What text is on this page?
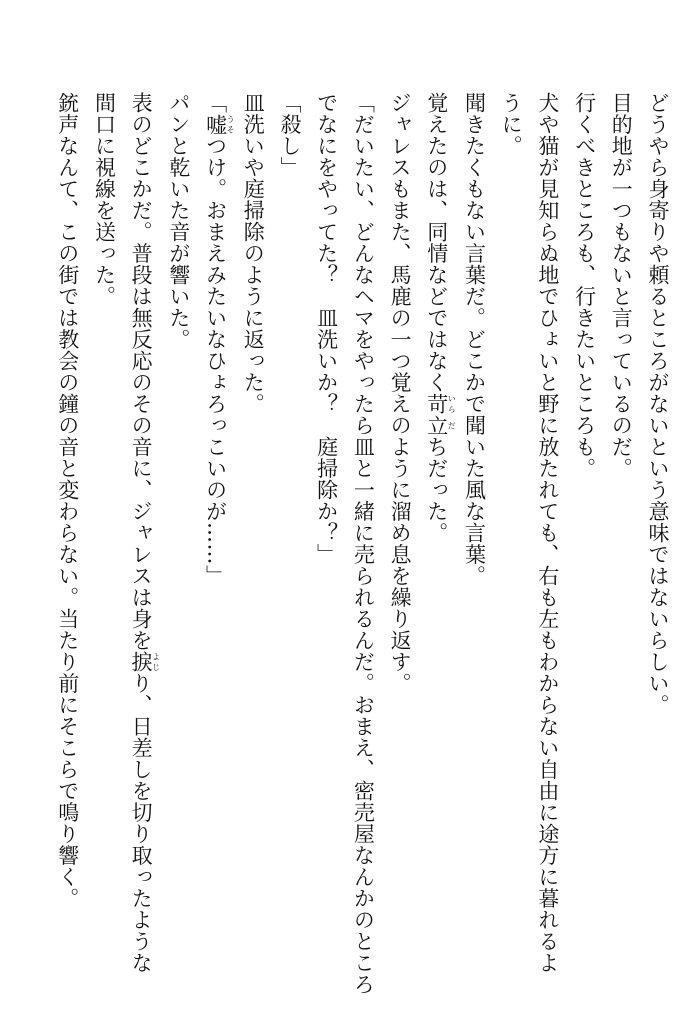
どうやら身寄りや頼るところがないという意味ではないらしい。
目的地が一つもないと言っているのだ。
行くべきところも、行きたいところも。
犬や猫が見知らぬ地でひょいと野に放たれても、右も左もわからない自由に途方に暮れるよ
うに。
聞きたくもない言葉だ。どこかで聞いた風な言葉。
覚えたのは、同情などではなく苛いら立だちだった。
ジャレスもまた、馬鹿の一つ覚えのように溜め息を繰り返す。
「だいたい、どんなヘマをやったら皿と一緒に売られるんだ。おまえ、密売屋なんかのところ
でなにをやってた？　皿洗いか？　庭掃除か？」
「殺し」
皿洗いや庭掃除のように返った。
「嘘うそつけ。おまえみたいなひょろっこいのが……」
パンと乾いた音が響いた。
表のどこかだ。普段は無反応のその音に、ジャレスは身を捩よじり、日差しを切り取ったような
間口に視線を送った。
銃声なんて、この街では教会の鐘の音と変わらない。当たり前にそこらで鳴り響く。
